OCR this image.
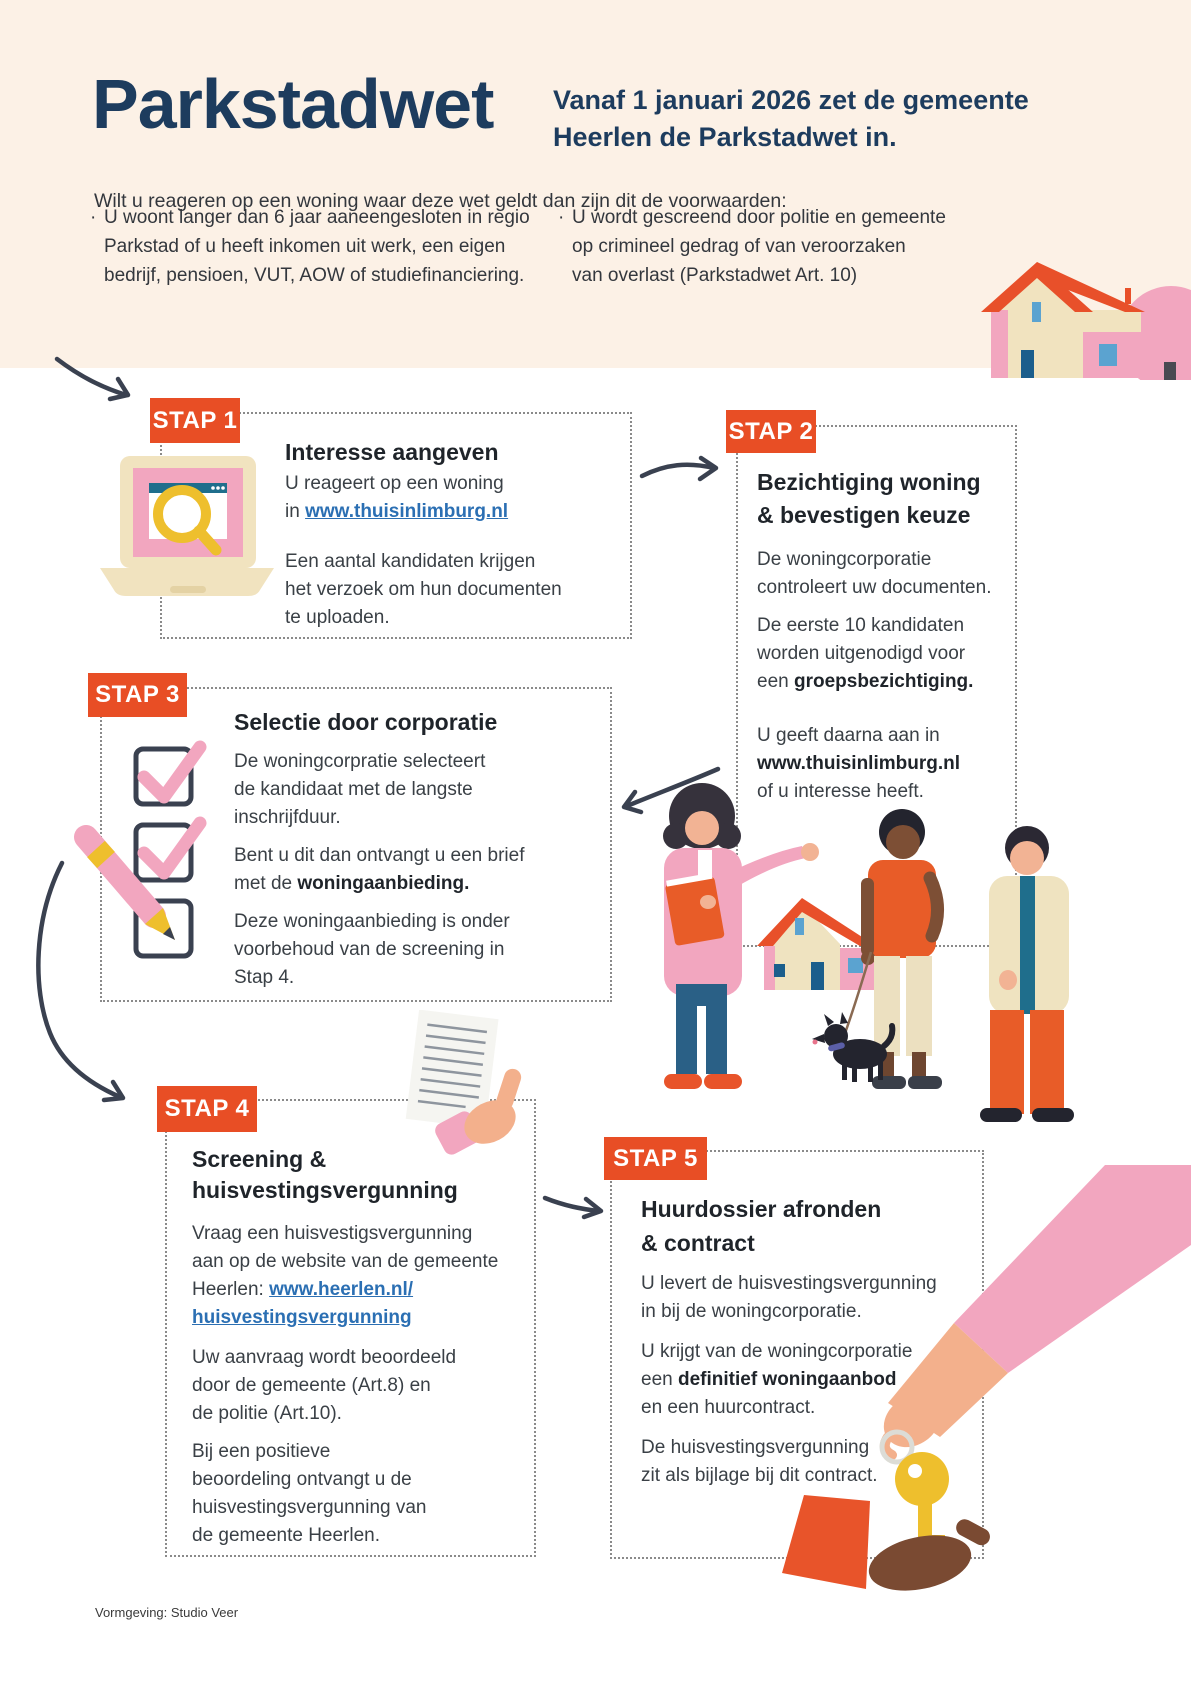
Parkstadwet Vanaf 1 januari 2026 zet de gemeente
Heerlen de Parkstadwet in.

Wilt u reageren op een woning waar deze wet geldt dan zijn dit de voorwaarden:

· U woont langer dan 6 jaar aaneengesloten in regio
Parkstad of u heeft inkomen uit werk, een eigen
bedrijf, pensioen, VUT, AOW of studiefinanciering.
· U wordt gescreend door politie en gemeente
op crimineel gedrag of van veroorzaken
van overlast (Parkstadwet Art. 10)
STAP 1
Interesse aangeven

U reageert op een woning
in www.thuisinlimburg.nl

Een aantal kandidaten krijgen
het verzoek om hun documenten
te uploaden.

STAP 2
Bezichtiging woning
& bevestigen keuze

De woningcorporatie
controleert uw documenten.

De eerste 10 kandidaten
worden uitgenodigd voor
een groepsbezichtiging.

U geeft daarna aan in
www.thuisinlimburg.nl
of u interesse heeft.

STAP 3
Selectie door corporatie

De woningcorpratie selecteert
de kandidaat met de langste
inschrijfduur.

Bent u dit dan ontvangt u een brief
met de woningaanbieding.

Deze woningaanbieding is onder
voorbehoud van de screening in
Stap 4.

STAP 4
Screening &
huisvestingsvergunning

Vraag een huisvestigsvergunning
aan op de website van de gemeente
Heerlen: www.heerlen.nl/
huisvestingsvergunning

Uw aanvraag wordt beoordeeld
door de gemeente (Art.8) en
de politie (Art.10).

Bij een positieve
beoordeling ontvangt u de
huisvestingsvergunning van
de gemeente Heerlen.

STAP 5
Huurdossier afronden
& contract

U levert de huisvestingsvergunning
in bij de woningcorporatie.

U krijgt van de woningcorporatie
een definitief woningaanbod
en een huurcontract.

De huisvestingsvergunning
zit als bijlage bij dit contract.

Vormgeving: Studio Veer
